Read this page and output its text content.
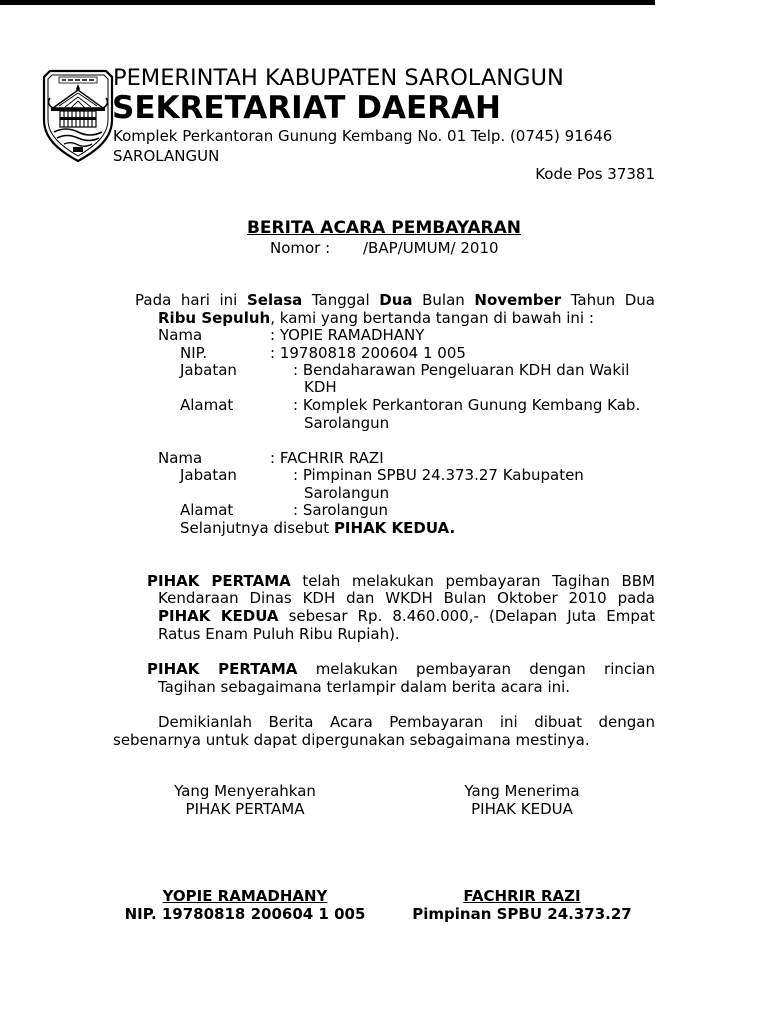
PEMERINTAH KABUPATEN SAROLANGUN
SEKRETARIAT DAERAH
Komplek Perkantoran Gunung Kembang No. 01 Telp. (0745) 91646
SAROLANGUN
Kode Pos 37381
BERITA ACARA PEMBAYARAN
Nomor : /BAP/UMUM/ 2010
Pada hari ini Selasa Tanggal Dua Bulan November Tahun Dua
Ribu Sepuluh, kami yang bertanda tangan di bawah ini :
Nama	: YOPIE RAMADHANY
NIP.	: 19780818 200604 1 005
Jabatan	: Bendaharawan Pengeluaran KDH dan Wakil
KDH
Alamat	: Komplek Perkantoran Gunung Kembang Kab.
Sarolangun
Nama	: FACHRIR RAZI
Jabatan	: Pimpinan SPBU 24.373.27 Kabupaten
Sarolangun
Alamat	: Sarolangun
Selanjutnya disebut PIHAK KEDUA.
PIHAK PERTAMA telah melakukan pembayaran Tagihan BBM
Kendaraan Dinas KDH dan WKDH Bulan Oktober 2010 pada
PIHAK KEDUA sebesar Rp. 8.460.000,- (Delapan Juta Empat
Ratus Enam Puluh Ribu Rupiah).
PIHAK PERTAMA melakukan pembayaran dengan rincian
Tagihan sebagaimana terlampir dalam berita acara ini.
Demikianlah Berita Acara Pembayaran ini dibuat dengan
sebenarnya untuk dapat dipergunakan sebagaimana mestinya.
Yang Menyerahkan
PIHAK PERTAMA
Yang Menerima
PIHAK KEDUA
YOPIE RAMADHANY
NIP. 19780818 200604 1 005
FACHRIR RAZI
Pimpinan SPBU 24.373.27
